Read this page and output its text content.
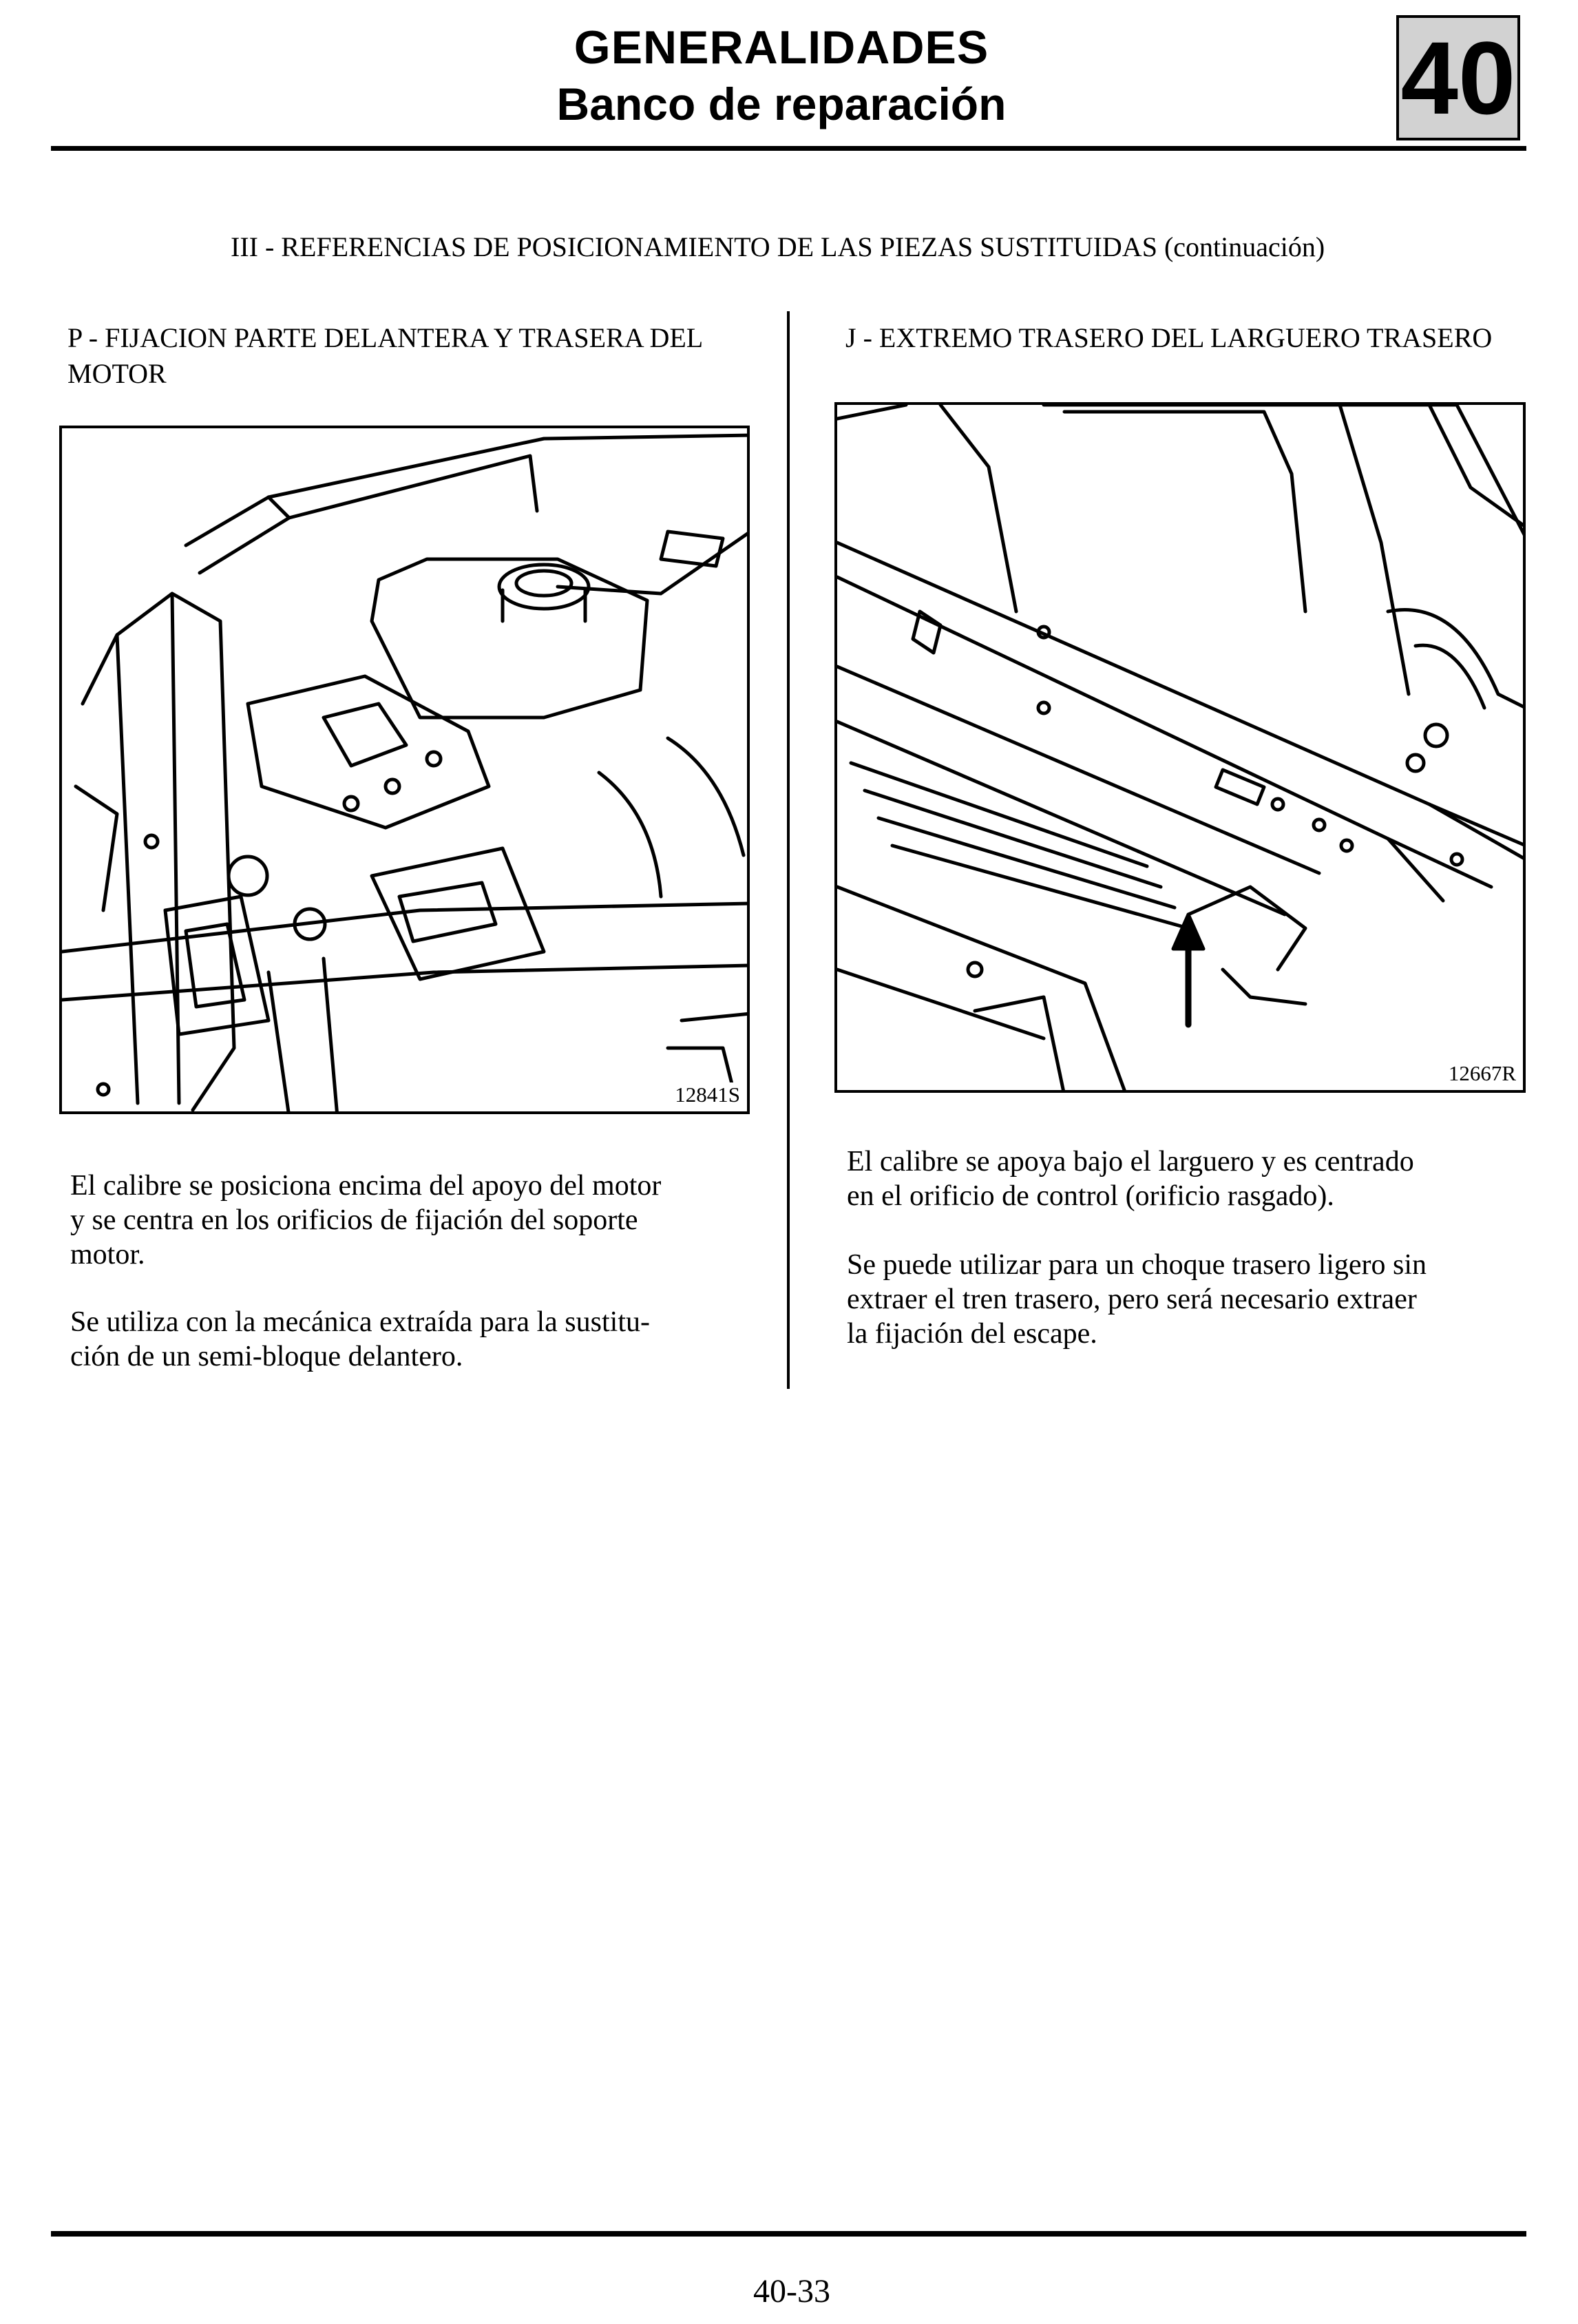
GENERALIDADES
Banco de reparación	40
III - REFERENCIAS DE POSICIONAMIENTO DE LAS PIEZAS SUSTITUIDAS (continuación)
P - FIJACION PARTE DELANTERA Y TRASERA DEL
MOTOR
J - EXTREMO TRASERO DEL LARGUERO TRASERO
12841S
12667R
El calibre se posiciona encima del apoyo del motor
y se centra en los orificios de fijación del soporte
motor.
Se utiliza con la mecánica extraída para la sustitu-
ción de un semi-bloque delantero.
El calibre se apoya bajo el larguero y es centrado
en el orificio de control (orificio rasgado).
Se puede utilizar para un choque trasero ligero sin
extraer el tren trasero, pero será necesario extraer
la fijación del escape.
40-33
